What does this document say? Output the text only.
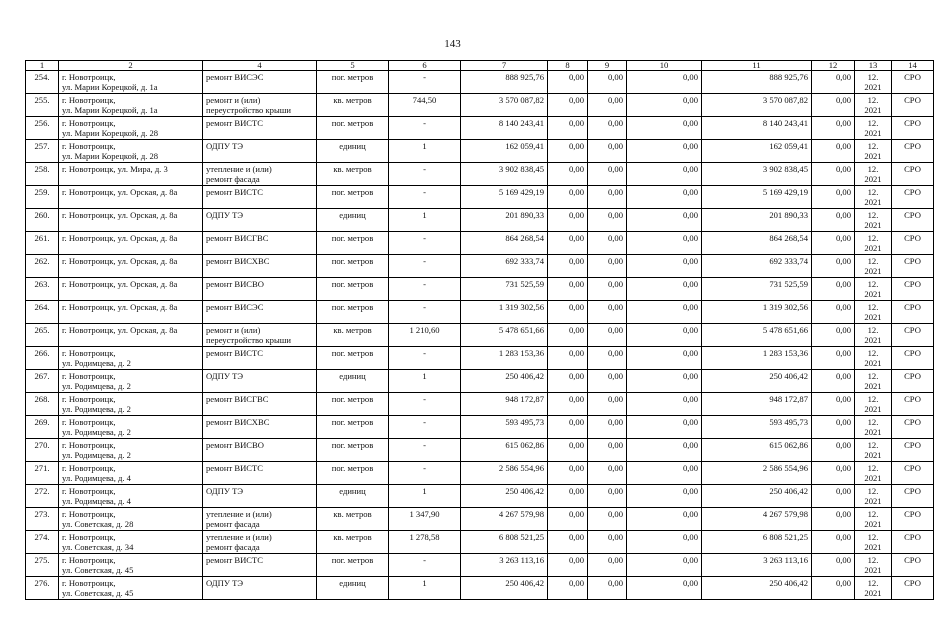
143
1	2	4	5	6	7	8	9	10	11	12	13	14
254.	г. Новотроицк,
ул. Марии Корецкой, д. 1а	ремонт ВИСЭС	пог. метров	-	888 925,76	0,00	0,00	0,00	888 925,76	0,00	12.
2021	СРО
255.	г. Новотроицк,
ул. Марии Корецкой, д. 1а	ремонт и (или)
переустройство крыши	кв. метров	744,50	3 570 087,82	0,00	0,00	0,00	3 570 087,82	0,00	12.
2021	СРО
256.	г. Новотроицк,
ул. Марии Корецкой, д. 28	ремонт ВИСТС	пог. метров	-	8 140 243,41	0,00	0,00	0,00	8 140 243,41	0,00	12.
2021	СРО
257.	г. Новотроицк,
ул. Марии Корецкой, д. 28	ОДПУ ТЭ	единиц	1	162 059,41	0,00	0,00	0,00	162 059,41	0,00	12.
2021	СРО
258.	г. Новотроицк, ул. Мира, д. 3	утепление и (или)
ремонт фасада	кв. метров	-	3 902 838,45	0,00	0,00	0,00	3 902 838,45	0,00	12.
2021	СРО
259.	г. Новотроицк, ул. Орская, д. 8а	ремонт ВИСТС	пог. метров	-	5 169 429,19	0,00	0,00	0,00	5 169 429,19	0,00	12.
2021	СРО
260.	г. Новотроицк, ул. Орская, д. 8а	ОДПУ ТЭ	единиц	1	201 890,33	0,00	0,00	0,00	201 890,33	0,00	12.
2021	СРО
261.	г. Новотроицк, ул. Орская, д. 8а	ремонт ВИСГВС	пог. метров	-	864 268,54	0,00	0,00	0,00	864 268,54	0,00	12.
2021	СРО
262.	г. Новотроицк, ул. Орская, д. 8а	ремонт ВИСХВС	пог. метров	-	692 333,74	0,00	0,00	0,00	692 333,74	0,00	12.
2021	СРО
263.	г. Новотроицк, ул. Орская, д. 8а	ремонт ВИСВО	пог. метров	-	731 525,59	0,00	0,00	0,00	731 525,59	0,00	12.
2021	СРО
264.	г. Новотроицк, ул. Орская, д. 8а	ремонт ВИСЭС	пог. метров	-	1 319 302,56	0,00	0,00	0,00	1 319 302,56	0,00	12.
2021	СРО
265.	г. Новотроицк, ул. Орская, д. 8а	ремонт и (или)
переустройство крыши	кв. метров	1 210,60	5 478 651,66	0,00	0,00	0,00	5 478 651,66	0,00	12.
2021	СРО
266.	г. Новотроицк,
ул. Родимцева, д. 2	ремонт ВИСТС	пог. метров	-	1 283 153,36	0,00	0,00	0,00	1 283 153,36	0,00	12.
2021	СРО
267.	г. Новотроицк,
ул. Родимцева, д. 2	ОДПУ ТЭ	единиц	1	250 406,42	0,00	0,00	0,00	250 406,42	0,00	12.
2021	СРО
268.	г. Новотроицк,
ул. Родимцева, д. 2	ремонт ВИСГВС	пог. метров	-	948 172,87	0,00	0,00	0,00	948 172,87	0,00	12.
2021	СРО
269.	г. Новотроицк,
ул. Родимцева, д. 2	ремонт ВИСХВС	пог. метров	-	593 495,73	0,00	0,00	0,00	593 495,73	0,00	12.
2021	СРО
270.	г. Новотроицк,
ул. Родимцева, д. 2	ремонт ВИСВО	пог. метров	-	615 062,86	0,00	0,00	0,00	615 062,86	0,00	12.
2021	СРО
271.	г. Новотроицк,
ул. Родимцева, д. 4	ремонт ВИСТС	пог. метров	-	2 586 554,96	0,00	0,00	0,00	2 586 554,96	0,00	12.
2021	СРО
272.	г. Новотроицк,
ул. Родимцева, д. 4	ОДПУ ТЭ	единиц	1	250 406,42	0,00	0,00	0,00	250 406,42	0,00	12.
2021	СРО
273.	г. Новотроицк,
ул. Советская, д. 28	утепление и (или)
ремонт фасада	кв. метров	1 347,90	4 267 579,98	0,00	0,00	0,00	4 267 579,98	0,00	12.
2021	СРО
274.	г. Новотроицк,
ул. Советская, д. 34	утепление и (или)
ремонт фасада	кв. метров	1 278,58	6 808 521,25	0,00	0,00	0,00	6 808 521,25	0,00	12.
2021	СРО
275.	г. Новотроицк,
ул. Советская, д. 45	ремонт ВИСТС	пог. метров	-	3 263 113,16	0,00	0,00	0,00	3 263 113,16	0,00	12.
2021	СРО
276.	г. Новотроицк,
ул. Советская, д. 45	ОДПУ ТЭ	единиц	1	250 406,42	0,00	0,00	0,00	250 406,42	0,00	12.
2021	СРО
